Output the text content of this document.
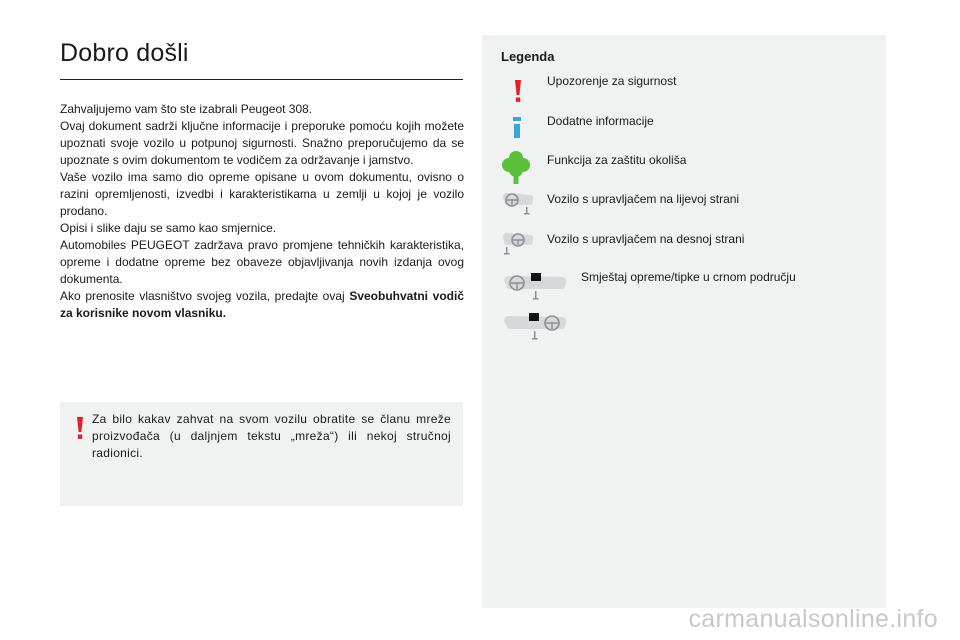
Dobro došli

Zahvaljujemo vam što ste izabrali Peugeot 308.

Ovaj dokument sadrži ključne informacije i preporuke pomoću kojih možete upoznati svoje vozilo u potpunoj sigurnosti. Snažno preporučujemo da se upoznate s ovim dokumentom te vodičem za održavanje i jamstvo.

Vaše vozilo ima samo dio opreme opisane u ovom dokumentu, ovisno o razini opremljenosti, izvedbi i karakteristikama u zemlji u kojoj je vozilo prodano.

Opisi i slike daju se samo kao smjernice.

Automobiles PEUGEOT zadržava pravo promjene tehničkih karakteristika, opreme i dodatne opreme bez obaveze objavljivanja novih izdanja ovog dokumenta.

Ako prenosite vlasništvo svojeg vozila, predajte ovaj Sveobuhvatni vodič za korisnike novom vlasniku.

Za bilo kakav zahvat na svom vozilu obratite se članu mreže proizvođača (u daljnjem tekstu „mreža“) ili nekoj stručnoj radionici.
Legenda
Upozorenje za sigurnost
Dodatne informacije
Funkcija za zaštitu okoliša
Vozilo s upravljačem na lijevoj strani
Vozilo s upravljačem na desnoj strani
Smještaj opreme/tipke u crnom području
carmanualsonline.info
